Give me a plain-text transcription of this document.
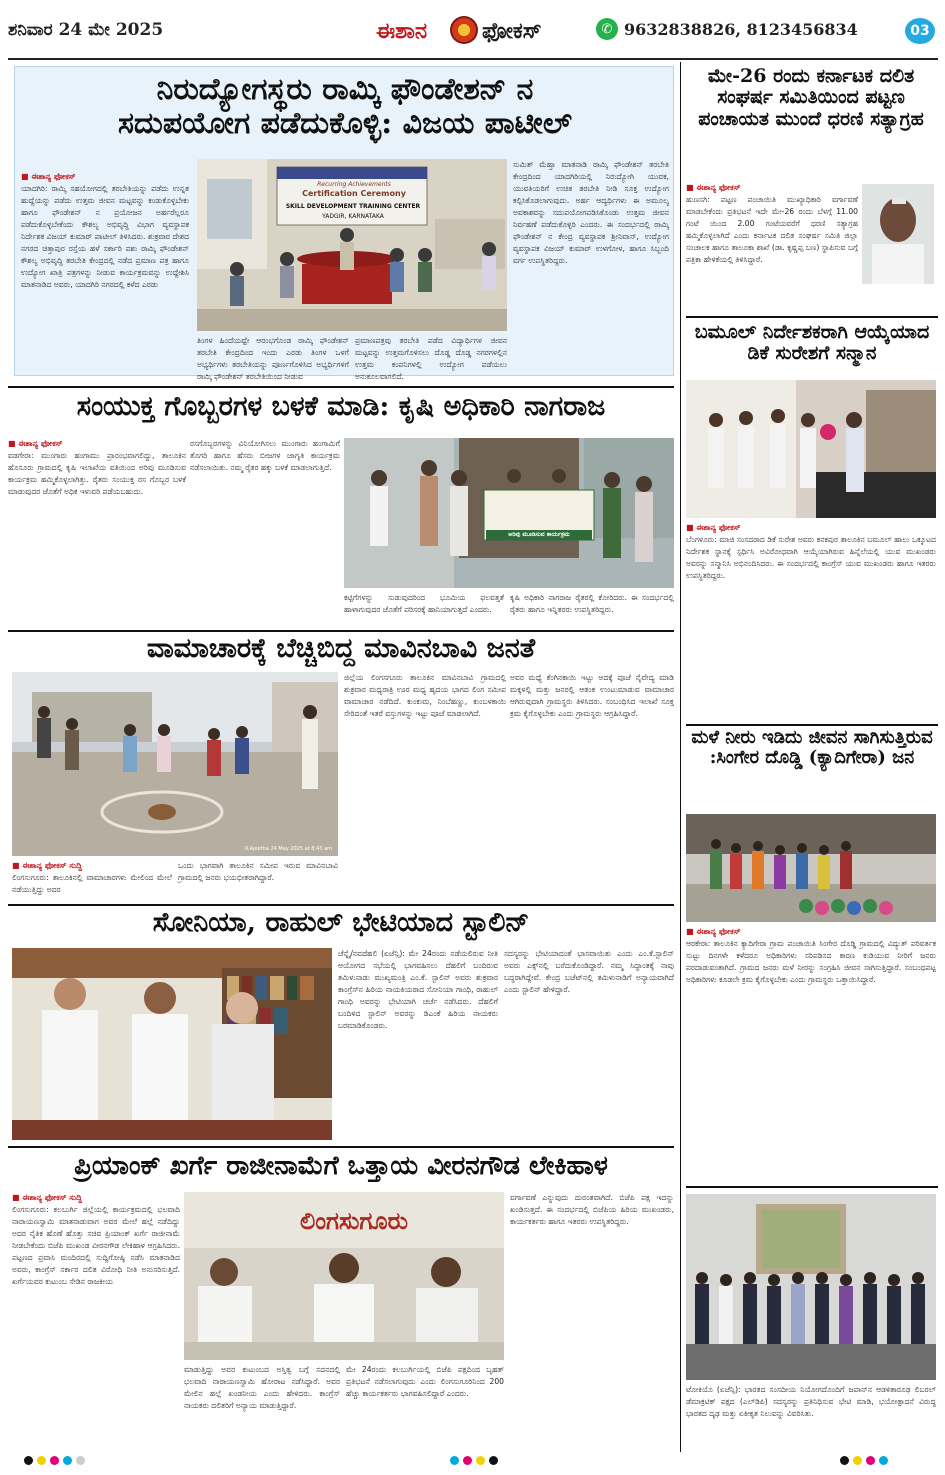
ಶನಿವಾರ 24 ಮೇ 2025	ಈಶಾನ ಫೋಕಸ್	✆ 9632838826, 8123456834	03
ನಿರುದ್ಯೋಗಸ್ಥರು ರಾಮ್ಕಿ ಫೌಂಡೇಶನ್ ನ
ಸದುಪಯೋಗ ಪಡೆದುಕೊಳ್ಳಿ: ವಿಜಯ ಪಾಟೀಲ್
■ ಈಶಾನ್ಯ ಫೋಕಸ್

ಯಾದಗಿರಿ: ರಾಮ್ಕಿ ಸಹಯೋಗದಲ್ಲಿ ತರಬೇತಿಯನ್ನು ಪಡೆದು ಉನ್ನತ ಹುದ್ದೆಯನ್ನು ಪಡೆದು ಉತ್ತಮ ಜೀವನ ಮಟ್ಟವನ್ನು ಕಂಡುಕೊಳ್ಳಬೇಕು ಹಾಗೂ ಫೌಂಡೇಶನ್ ನ ಪ್ರಯೋಜನ ಅರ್ಹರೆಲ್ಲರೂ ಪಡೆದುಕೊಳ್ಳಬೇಕೆಂದು ಕೌಶಲ್ಯ ಅಭಿವೃದ್ಧಿ ವಿಭಾಗ ವ್ಯವಸ್ಥಾಪಕ ನಿರ್ದೇಶಕ ವಿಜಯ್ ಕುಮಾರ್ ಪಾಟೀಲ್ ತಿಳಿಸಿದರು. ಶುಕ್ರವಾರ ದೇಶದ ನಗರದ ಚಿತ್ತಾಪುರ ರಸ್ತೆಯ ಹಳೆ ಸರ್ಕಾರಿ ಪಶು ರಾಮ್ಕಿ ಫೌಂಡೇಶನ್ ಕೌಶಲ್ಯ ಅಭಿವೃದ್ಧಿ ತರಬೇತಿ ಕೇಂದ್ರದಲ್ಲಿ ನಡೆದ ಪ್ರಮಾಣ ಪತ್ರ ಹಾಗೂ ಉದ್ಯೋಗ ಖಾತ್ರಿ ಪತ್ರಗಳನ್ನು ನೀಡುವ ಕಾರ್ಯಕ್ರಮವನ್ನು ಉದ್ದೇಶಿಸಿ ಮಾತನಾಡಿದ ಅವರು, ಯಾದಗಿರಿ ನಗರದಲ್ಲಿ ಕಳೆದ ಎರಡು

Recurring Achievements
Certification Ceremony
SKILL DEVELOPMENT TRAINING CENTER
YADGIR, KARNATAKA

ತಿಂಗಳ ಹಿಂದೆಯಷ್ಟೇ ಆರಂಭಗೊಂಡ ರಾಮ್ಕಿ ಫೌಂಡೇಶನ್ ತರಬೇತಿ ಕೇಂದ್ರದಿಂದ ಇಂದು ಎರಡು ತಿಂಗಳ ಒಳಗೆ ಅಭ್ಯರ್ಥಿಗಳು ತರಬೇತಿಯನ್ನು ಪೂರ್ಣಗೊಳಿಸಿದ ಅಭ್ಯರ್ಥಿಗಳಿಗೆ ರಾಮ್ಕಿ ಫೌಂಡೇಶನ್ ತರಬೇತಿಯಿಂದ ನೀಡುವ

ಪ್ರಮಾಣಪತ್ರವು ತರಬೇತಿ ಪಡೆದ ವಿದ್ಯಾರ್ಥಿಗಳ ಜೀವನ ಮಟ್ಟವನ್ನು ಉತ್ತಮಗೊಳಿಸಲು ದೊಡ್ಡ ದೊಡ್ಡ ನಗರಗಳಲ್ಲಿನ ಉತ್ತಮ ಕಂಪನಿಗಳಲ್ಲಿ ಉದ್ಯೋಗ ಪಡೆಯಲು ಅನುಕೂಲವಾಗಲಿದೆ.

ಸುಮಿತ್ ಮೆಹ್ತಾ ಮಾತನಾಡಿ ರಾಮ್ಕಿ ಫೌಂಡೇಶನ್ ತರಬೇತಿ ಕೇಂದ್ರದಿಂದ ಯಾದಗಿರಿಯಲ್ಲಿ ನಿರುದ್ಯೋಗಿ ಯುವಕ, ಯುವತಿಯರಿಗೆ ಉಚಿತ ತರಬೇತಿ ನೀಡಿ ಸೂಕ್ತ ಉದ್ಯೋಗ ಕಲ್ಪಿಸಿಕೊಡಲಾಗುವುದು. ಅರ್ಹ ಆದ್ಯರ್ಥಿಗಳು ಈ ಅಮೂಲ್ಯ ಅವಕಾಶವನ್ನು ಸದುಪಯೋಗಪಡಿಸಿಕೊಂಡು ಉತ್ತಮ ಜೀವನ ನಿರ್ವಹಣೆ ಪಡೆದುಕೊಳ್ಳಿರಿ ಎಂದರು. ಈ ಸಂದರ್ಭದಲ್ಲಿ ರಾಮ್ಕಿ ಫೌಂಡೇಶನ್ ನ ಕೇಂದ್ರ ವ್ಯವಸ್ಥಾಪಕ ಶ್ರೀನಿವಾಸ್, ಉದ್ಯೋಗ ವ್ಯವಸ್ಥಾಪಕ ವಿಜಯ್ ಕುಮಾರ್ ಉಳಗೋಳ, ಹಾಗೂ ಸಿಬ್ಬಂದಿ ವರ್ಗ ಉಪಸ್ಥಿತರಿದ್ದರು.

ಸಂಯುಕ್ತ ಗೊಬ್ಬರಗಳ ಬಳಕೆ ಮಾಡಿ: ಕೃಷಿ ಅಧಿಕಾರಿ ನಾಗರಾಜ
■ ಈಶಾನ್ಯ ಫೋಕಸ್

ವಡಗೇರಾ: ಮುಂಗಾರು ಹಂಗಾಮು ಪ್ರಾರಂಭವಾಗಲಿದ್ದು, ತಾಲೂಕಿನ ಹೊಸೂರು ಗ್ರಾಮದಲ್ಲಿ ಕೃಷಿ ಇಲಾಖೆಯ ವತಿಯಿಂದ ಅರಿವು ಮೂಡಿಸುವ ಕಾರ್ಯಕ್ರಮ ಹಮ್ಮಿಕೊಳ್ಳಲಾಗಿತ್ತು. ರೈತರು ಸಂಯುಕ್ತ ರಸ ಗೊಬ್ಬರ ಬಳಕೆ ಮಾಡುವುದರ ಜೊತೆಗೆ ಅಧಿಕ ಇಳುವರಿ ಪಡೆಯಬಹುದು.

ರಸಗೊಬ್ಬರಗಳನ್ನು ವಿನಿಯೋಗಿಸಲು ಮುಂಗಾರು ಹಂಗಾಮಿಗೆ ತೊಗರಿ ಹಾಗೂ ಹೆಸರು ಬೀಜಗಳ ಜಾಗೃತಿ ಕಾರ್ಯಕ್ರಮ ನಡೆಸಲಾಯಿತು. ನಮ್ಮ ರೈತರ ಹಕ್ಕು ಬಳಕೆ ಮಾಡಲಾಗುತ್ತಿದೆ.

ಅರಿವು ಮೂಡಿಸುವ ಕಾರ್ಯಕ್ರಮ

ಕಟ್ಟಿಗೆಗಳನ್ನು ಸುಡುವುದರಿಂದ ಭೂಮಿಯ ಫಲವತ್ತತೆ ಹಾಳಾಗುವುದರ ಜೊತೆಗೆ ಪರಿಸರಕ್ಕೆ ಹಾನಿಯಾಗುತ್ತದೆ ಎಂದರು.

ಕೃಷಿ ಅಧಿಕಾರಿ ನಾಗರಾಜ ರೈತರಲ್ಲಿ ಕೋರಿದರು. ಈ ಸಂದರ್ಭದಲ್ಲಿ ರೈತರು ಹಾಗೂ ಇನ್ನಿತರರು ಉಪಸ್ಥಿತರಿದ್ದರು.

ವಾಮಾಚಾರಕ್ಕೆ ಬೆಚ್ಚಿಬಿದ್ದ ಮಾವಿನಬಾವಿ ಜನತೆ
R.Ajeetha 24 May 2025 at 8:43 am
■ ಈಶಾನ್ಯ ಫೋಕಸ್ ಸುದ್ದಿ

ಲಿಂಗಸುಗೂರು: ತಾಲೂಕಿನಲ್ಲಿ ವಾಮಾಚಾರಗಳು ಮೇಲಿಂದ ಮೇಲೆ ನಡೆಯುತ್ತಿದ್ದು ಅದರ

ಒಂದು ಭಾಗವಾಗಿ ತಾಲೂಕಿನ ಸಮೀಪ ಇರುವ ಮಾವಿನಬಾವಿ ಗ್ರಾಮದಲ್ಲಿ ಜನರು ಭಯಭೀತರಾಗಿದ್ದಾರೆ.

ಜಿಲ್ಲೆಯ ಲಿಂಗಸಗೂರು ತಾಲೂಕಿನ ಮಾವಿನಬಾವಿ ಗ್ರಾಮದಲ್ಲಿ ಶುಕ್ರವಾರ ಮಧ್ಯರಾತ್ರಿ ಊರ ಮಧ್ಯ ಹೃದಯ ಭಾಗದ ಲಿಂಗ ಸಮೀಪ ವಾಮಾಚಾರ ನಡೆದಿದೆ. ಕುಂಕುಮ, ನಿಂಬೆಹಣ್ಣು, ಕುಂಬಳಕಾಯಿ ಸೇರಿದಂತೆ ಇತರೆ ವಸ್ತುಗಳನ್ನು ಇಟ್ಟು ಪೂಜೆ ಮಾಡಲಾಗಿದೆ.

ಅವರ ಮಧ್ಯೆ ಕೆಂಗಿನಕಾಯಿ ಇಟ್ಟು ಅದಕ್ಕೆ ಪೂಜೆ ನೈವೇದ್ಯ ಮಾಡಿ ಮಕ್ಕಳಲ್ಲಿ ಮತ್ತು ಜನರಲ್ಲಿ ಆತಂಕ ಉಂಟುಮಾಡುವ ವಾಮಾಚಾರ ಆಗಿರುವುದಾಗಿ ಗ್ರಾಮಸ್ಥರು ತಿಳಿಸಿದರು. ಸಂಬಂಧಿಸಿದ ಇಲಾಖೆ ಸೂಕ್ತ ಕ್ರಮ ಕೈಗೊಳ್ಳಬೇಕು ಎಂದು ಗ್ರಾಮಸ್ಥರು ಆಗ್ರಹಿಸಿದ್ದಾರೆ.

ಸೋನಿಯಾ, ರಾಹುಲ್ ಭೇಟಿಯಾದ ಸ್ಟಾಲಿನ್

ಚೆನ್ನೈ/ನವದೆಹಲಿ (ಏಜೆನ್ಸಿ): ಮೇ 24ರಂದು ನಡೆಯಲಿರುವ ನೀತಿ ಆಯೋಗದ ಸಭೆಯಲ್ಲಿ ಭಾಗವಹಿಸಲು ದೆಹಲಿಗೆ ಬಂದಿರುವ ತಮಿಳುನಾಡು ಮುಖ್ಯಮಂತ್ರಿ ಎಂ.ಕೆ. ಸ್ಟಾಲಿನ್ ಅವರು ಶುಕ್ರವಾರ ಕಾಂಗ್ರೆಸ್‌ನ ಹಿರಿಯ ನಾಯಕಿಯರಾದ ಸೋನಿಯಾ ಗಾಂಧಿ, ರಾಹುಲ್ ಗಾಂಧಿ ಅವರನ್ನು ಭೇಟಿಯಾಗಿ ಚರ್ಚೆ ನಡೆಸಿದರು. ದೆಹಲಿಗೆ ಬಂದಿಳಿದ ಸ್ಟಾಲಿನ್ ಅವರನ್ನು ಡಿಎಂಕೆ ಹಿರಿಯ ನಾಯಕರು ಬರಮಾಡಿಕೊಂಡರು.

ಸದಸ್ಯರನ್ನು ಭೇಟಿಯಾದಂತೆ ಭಾಸವಾಯಿತು ಎಂದು ಎಂ.ಕೆ.ಸ್ಟಾಲಿನ್ ಅವರು ಎಕ್ಸ್‌ನಲ್ಲಿ ಬರೆದುಕೊಂಡಿದ್ದಾರೆ. ನಮ್ಮ ಸಿದ್ಧಾಂತಕ್ಕೆ ನಾವು ಬದ್ಧರಾಗಿದ್ದೇವೆ. ಕೇಂದ್ರ ಬಜೆಟ್‌ನಲ್ಲಿ ತಮಿಳುನಾಡಿಗೆ ಅನ್ಯಾಯವಾಗಿದೆ ಎಂದು ಸ್ಟಾಲಿನ್ ಹೇಳಿದ್ದಾರೆ.

ಪ್ರಿಯಾಂಕ್ ಖರ್ಗೆ ರಾಜೀನಾಮೆಗೆ ಒತ್ತಾಯ ವೀರನಗೌಡ ಲೇಕಿಹಾಳ
■ ಈಶಾನ್ಯ ಫೋಕಸ್ ಸುದ್ದಿ

ಲಿಂಗಸುಗೂರು: ಕಲಬುರ್ಗಿ ಜಿಲ್ಲೆಯಲ್ಲಿ ಕಾರ್ಯಕ್ರಮದಲ್ಲಿ ಭಲವಾದಿ ನಾರಾಯಣಸ್ವಾಮಿ ಮಾತನಾಡುವಾಗ ಅವರ ಮೇಲೆ ಹಲ್ಲೆ ನಡೆದಿದ್ದು ಅದರ ನೈತಿಕ ಹೊಣೆ ಹೊತ್ತು ಸಚಿವ ಪ್ರಿಯಾಂಕ್ ಖರ್ಗೆ ರಾಜೀನಾಮೆ ನೀಡಬೇಕೆಂದು ಬಿಜೆಪಿ ಮುಖಂಡ ವೀರನಗೌಡ ಲೇಕಿಹಾಳ ಆಗ್ರಹಿಸಿದರು. ಪಟ್ಟಣದ ಪ್ರವಾಸಿ ಮಂದಿರದಲ್ಲಿ ಸುದ್ದಿಗೋಷ್ಠಿ ನಡೆಸಿ ಮಾತನಾಡಿದ ಅವರು, ಕಾಂಗ್ರೆಸ್ ಸರ್ಕಾರ ದಲಿತ ವಿರೋಧಿ ನೀತಿ ಅನುಸರಿಸುತ್ತಿದೆ. ಖರ್ಗೆಯವರ ಕುಟುಂಬ ಸೇಡಿನ ರಾಜಕೀಯ

ಲಿಂಗಸುಗೂರು

ಮಾಡುತ್ತಿದ್ದು ಅವರ ಕುಟುಂಬದ ಅಸ್ತಿತ್ವ ಬಗ್ಗೆ ಸದನದಲ್ಲಿ ಭಲವಾದಿ ನಾರಾಯಣಸ್ವಾಮಿ ಹೋರಾಟ ನಡೆಸಿದ್ದಾರೆ. ಅವರ ಮೇಲಿನ ಹಲ್ಲೆ ಖಂಡನೀಯ ಎಂದು ಹೇಳಿದರು. ಕಾಂಗ್ರೆಸ್ ನಾಯಕರು ದಲಿತರಿಗೆ ಅನ್ಯಾಯ ಮಾಡುತ್ತಿದ್ದಾರೆ.

ಮೇ 24ರಂದು ಕಲಬುರ್ಗಿಯಲ್ಲಿ ಬಿಜೆಪಿ ಪಕ್ಷದಿಂದ ಬೃಹತ್ ಪ್ರತಿಭಟನೆ ನಡೆಸಲಾಗುವುದು ಎಂದು ಲಿಂಗಸುಗೂರಿನಿಂದ 200 ಹೆಚ್ಚು ಕಾರ್ಯಕರ್ತರು ಭಾಗವಹಿಸಲಿದ್ದಾರೆ ಎಂದರು.

ವರ್ಗಾವಣೆ ಎನ್ನುವುದು ದುರಂತವಾಗಿದೆ. ಬಿಜೆಪಿ ಪಕ್ಷ ಇದನ್ನು ಖಂಡಿಸುತ್ತದೆ. ಈ ಸಂದರ್ಭದಲ್ಲಿ ಬಿಜೆಪಿಯ ಹಿರಿಯ ಮುಖಂಡರು, ಕಾರ್ಯಕರ್ತರು ಹಾಗೂ ಇತರರು ಉಪಸ್ಥಿತರಿದ್ದರು.

ಮೇ-26 ರಂದು ಕರ್ನಾಟಕ ದಲಿತ ಸಂಘರ್ಷ ಸಮಿತಿಯಿಂದ ಪಟ್ಟಣ ಪಂಚಾಯತ ಮುಂದೆ ಧರಣಿ ಸತ್ಯಾಗ್ರಹ
■ ಈಶಾನ್ಯ ಫೋಕಸ್

ಹುಣಸಗಿ: ಪಟ್ಟಣ ಪಂಚಾಯಿತಿ ಮುಖ್ಯಾಧಿಕಾರಿ ವರ್ಗಾವಣೆ ಮಾಡಬೇಕೆಂದು ಪ್ರತಿಭಟನೆ ಇದೇ ಮೇ-26 ರಂದು ಬೆಳಗ್ಗೆ 11.00 ಗಂಟೆ ಯಿಂದ 2.00 ಗಂಟೆಯವರೆಗೆ ಧರಣಿ ಸತ್ಯಾಗ್ರಹ ಹಮ್ಮಿಕೊಳ್ಳಲಾಗಿದೆ ಎಂದು ಕರ್ನಾಟಕ ದಲಿತ ಸಂಘರ್ಷ ಸಮಿತಿ ಜಿಲ್ಲಾ ಸಂಚಾಲಕ ಹಾಗೂ ತಾಲೂಕಾ ಶಾಖೆ (ಡಾ. ಕೃಷ್ಣಪ್ಪ ಬಣ) ಸ್ಥಾಪಿಸುವ ಬಗ್ಗೆ ಪತ್ರಿಕಾ ಹೇಳಿಕೆಯಲ್ಲಿ ತಿಳಿಸಿದ್ದಾರೆ.

ಬಮೂಲ್ ನಿರ್ದೇಶಕರಾಗಿ ಆಯ್ಕೆಯಾದ ಡಿಕೆ ಸುರೇಶಗೆ ಸನ್ಮಾನ
■ ಈಶಾನ್ಯ ಫೋಕಸ್

ಬೆಂಗಳೂರು: ಮಾಜಿ ಸಂಸದರಾದ ಡಿಕೆ ಸುರೇಶ ಅವರು ಕನಕಪುರ ತಾಲೂಕಿನ ಬಮೂಲ್ ಹಾಲು ಒಕ್ಕೂಟದ ನಿರ್ದೇಶಕ ಸ್ಥಾನಕ್ಕೆ ಸ್ಪರ್ಧಿಸಿ ಅವಿರೋಧವಾಗಿ ಆಯ್ಕೆಯಾಗಿರುವ ಹಿನ್ನೆಲೆಯಲ್ಲಿ ಯುವ ಮುಖಂಡರು ಅವರನ್ನು ಸನ್ಮಾನಿಸಿ ಅಭಿನಂದಿಸಿದರು. ಈ ಸಂದರ್ಭದಲ್ಲಿ ಕಾಂಗ್ರೆಸ್ ಯುವ ಮುಖಂಡರು ಹಾಗೂ ಇತರರು ಉಪಸ್ಥಿತರಿದ್ದರು.

ಮಳೆ ನೀರು ಇಡಿದು ಜೀವನ ಸಾಗಿಸುತ್ತಿರುವ :ಸಿಂಗೇರ ದೊಡ್ಡಿ (ಕ್ಯಾದಿಗೇರಾ) ಜನ
■ ಈಶಾನ್ಯ ಫೋಕಸ್

ಆರಕೇರಾ: ತಾಲೂಕಿನ ಕ್ಯಾದಿಗೇರಾ ಗ್ರಾಮ ಪಂಚಾಯಿತಿ ಸಿಂಗೇರ ದೊಡ್ಡಿ ಗ್ರಾಮದಲ್ಲಿ ವಿದ್ಯುತ್ ಪರಿವರ್ತಕ ಸುಟ್ಟು ದಿನಗಳೇ ಕಳೆದರೂ ಅಧಿಕಾರಿಗಳು ಸರಿಪಡಿಸದ ಕಾರಣ ಕುಡಿಯುವ ನೀರಿಗೆ ಜನರು ಪರದಾಡುವಂತಾಗಿದೆ. ಗ್ರಾಮದ ಜನರು ಮಳೆ ನೀರನ್ನು ಸಂಗ್ರಹಿಸಿ ಜೀವನ ಸಾಗಿಸುತ್ತಿದ್ದಾರೆ. ಸಂಬಂಧಪಟ್ಟ ಅಧಿಕಾರಿಗಳು ಕೂಡಲೇ ಕ್ರಮ ಕೈಗೊಳ್ಳಬೇಕು ಎಂದು ಗ್ರಾಮಸ್ಥರು ಒತ್ತಾಯಿಸಿದ್ದಾರೆ.

ಟೋಕಿಯೊ (ಏಜೆನ್ಸಿ): ಭಾರತದ ಸಂಸದೀಯ ನಿಯೋಗದೊಂದಿಗೆ ಜಪಾನ್‌ನ ಆಡಳಿತಾರೂಢ ಲಿಬರಲ್ ಡೆಮಾಕ್ರಟಿಕ್ ಪಕ್ಷದ (ಎಲ್‌ಡಿಪಿ) ಸದಸ್ಯರನ್ನು ಪ್ರತಿನಿಧಿಸುವ ಭೇಟಿ ಮಾಡಿ, ಭಯೋತ್ಪಾದನೆ ವಿರುದ್ಧ ಭಾರತದ ದೃಢ ಮತ್ತು ಏಕೀಕೃತ ನಿಲುವನ್ನು ವಿವರಿಸಿತು.
